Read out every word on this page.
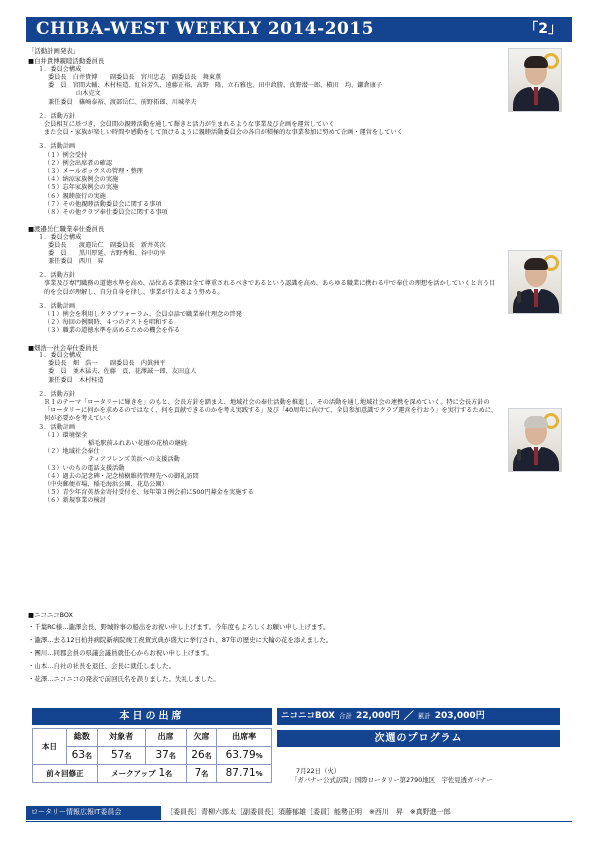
CHIBA-WEST WEEKLY 2014-2015	「2」
「活動計画発表」
■ 白井貴博親睦活動委員長
１．委員会構成
委員長　白井貴博　　副委員長　宮川忠志　副委員長　舞東薫
委　員　宮間大輔、木村桂造、紅谷芳久、遠藤正裕、高野　隆、立石雅也、田中政勝、真野潜一郎、槇田　均、鎌倉康子
山木克文
兼任委員　篠崎泰裕、渡部岳仁、前野拓郎、川城孝夫
２．活動方針
会員相互に基づき、会員間の親睦活動を通して輝きと活力が生まれるような事業及び企画を運営していく
また会員・家族が楽しい時間や感動をして頂けるように親睦活動委員会の各自が積極的な事業参加に努めて企画・運営をしていく
３．活動計画
（１）例会受付
（２）例会出席者の確認
（３）メールボックスの管理・整理
（４）納涼家族例会の実施
（５）忘年家族例会の実施
（６）親睦旅行の実施
（７）その他親睦活動委員会に関する事項
（８）その他クラブ奉仕委員会に関する事項
■ 渡邉岳仁職業奉仕委員長
１．委員会構成
委員長　　渡邉岳仁　副委員長　新井英次
委　員　　黒川厚延、古野秀和、谷中功享
兼任委員　西川　昇
２．活動方針
事業及び専門職務の道徳水準を高め、品位ある業務は全て尊重されるべきであるという認識を高め、あらゆる職業に携わる中で奉仕の理想を活かしていくと言う目的を会員が理解し、自分自身を律し、事業が行えるよう努める。
３．活動計画
（１）例会を利用しクラブフォーラム、会員卓話で職業奉仕理念の啓発
（２）毎回の例開時、４つのテストを唱和する
（３）職業の道徳水準を高めるための機会を作る
■ 畑浩一社会奉仕委員長
１．委員会構成
委員長　畑　浩一　　副委員長　内眞洲平
委　員　並木猛夫、佐藤　貢、花澤誠一郎、友田直人
兼任委員　木村桂造
２．活動方針
ＲＩのテーマ「ロータリーに輝きを」のもと、会長方針を踏まえ、地域社会の奉仕活動を推進し、その活動を通し地域社会の連携を深めていく。特に会長方針の「ロータリーに何かを求めるのではなく、何を貢献できるのかを考え実践する」及び「40周年に向けて、全員参加意識でクラブ運営を行おう」を実行するために、何が必要かを考えていく
３．活動計画
（１）環境保全
稲毛駅前ふれあい花壇の花植の継続
（２）地域社会奉仕
ティアフレンズ美浜への支援活動
（３）いのちの電話支援活動
（４）過去の記念碑・記念植樹維持管理先への御礼訪問
（中央郵便市場、稲毛海浜公園、花島公園）
（５）青少年育英基金寄付受付を、毎年第３例会前に500円募金を実施する
（６）新規事業の検討
■ ニコニコBOX
・ 千葉RC様…瀧澤会長、野城幹事の船出をお祝い申し上げます。今年度もよろしくお願い申し上げます。
・ 瀧澤…去る12日柏井病院新病院竣工祝賀式典が盛大に挙行され、87年の歴史に大輪の花を添えました。
・ 團川…同郡会員の県議会議員就任心からお祝い申し上げます。
・ 山本…自社の社長を退任、会長に就任しました。
・ 花澤…ニコニコの発表で前回氏名を誤りました。失礼しました。
本日の出席
本日	総数	対象者	出席	欠席	出席率
	63名	57名	37名	26名	63.79%
前々回修正		メークアップ 1名		7名	87.71%
ニコニコBOX 合計 22,000円 ／ 累計 203,000円
次週のプログラム
7月22日（火）
「ガバナー公式訪問」国際ロータリー第2790地区　宇佐見透ガバナー
ロータリー情報広報IT委員会	［委員長］青柳六郎太［副委員長］須藤郁雄［委員］能勢正明　※西川　昇　※真野進一郎
